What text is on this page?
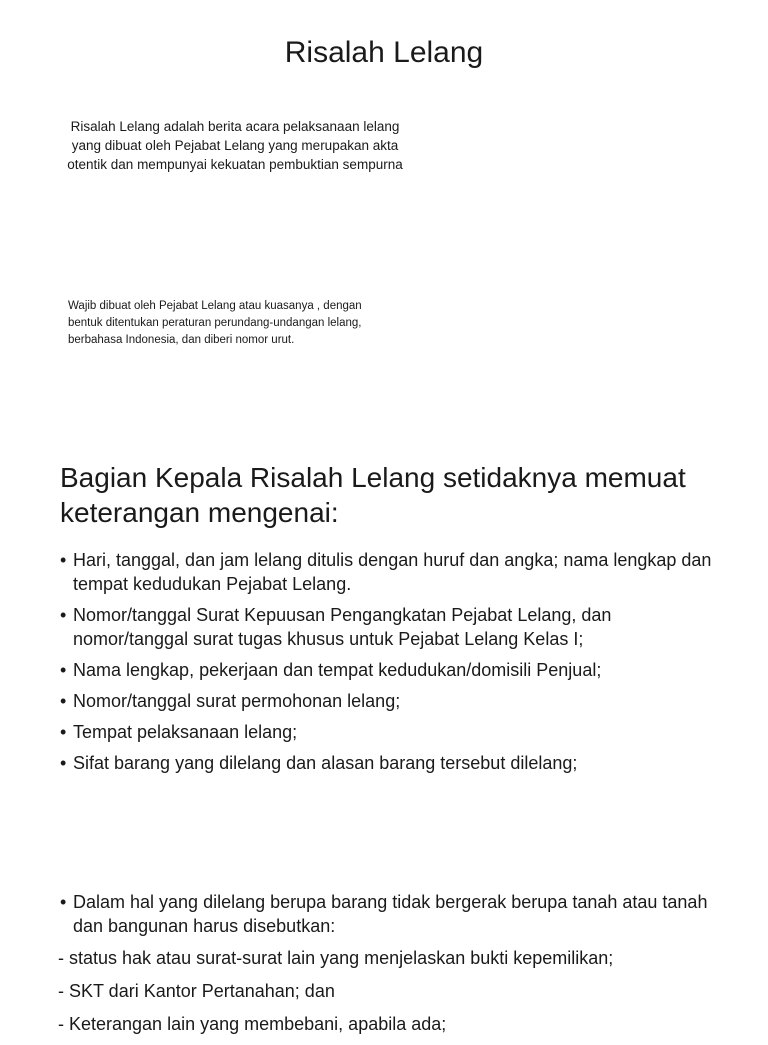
Risalah Lelang

Risalah Lelang adalah berita acara pelaksanaan lelang yang dibuat oleh Pejabat Lelang yang merupakan akta otentik dan mempunyai kekuatan pembuktian sempurna

Wajib dibuat oleh Pejabat Lelang atau kuasanya , dengan bentuk ditentukan peraturan perundang-undangan lelang, berbahasa Indonesia, dan diberi nomor urut.

Bagian Kepala Risalah Lelang setidaknya memuat keterangan mengenai:
• Hari, tanggal, dan jam lelang ditulis dengan huruf dan angka; nama lengkap dan tempat kedudukan Pejabat Lelang.
• Nomor/tanggal Surat Kepuusan Pengangkatan Pejabat Lelang, dan nomor/tanggal surat tugas khusus untuk Pejabat Lelang Kelas I;
• Nama lengkap, pekerjaan dan tempat kedudukan/domisili Penjual;
• Nomor/tanggal surat permohonan lelang;
• Tempat pelaksanaan lelang;
• Sifat barang yang dilelang dan alasan barang tersebut dilelang;
• Dalam hal yang dilelang berupa barang tidak bergerak berupa tanah atau tanah dan bangunan harus disebutkan:
- status hak atau surat-surat lain yang menjelaskan bukti kepemilikan;
- SKT dari Kantor Pertanahan; dan
- Keterangan lain yang membebani, apabila ada;
